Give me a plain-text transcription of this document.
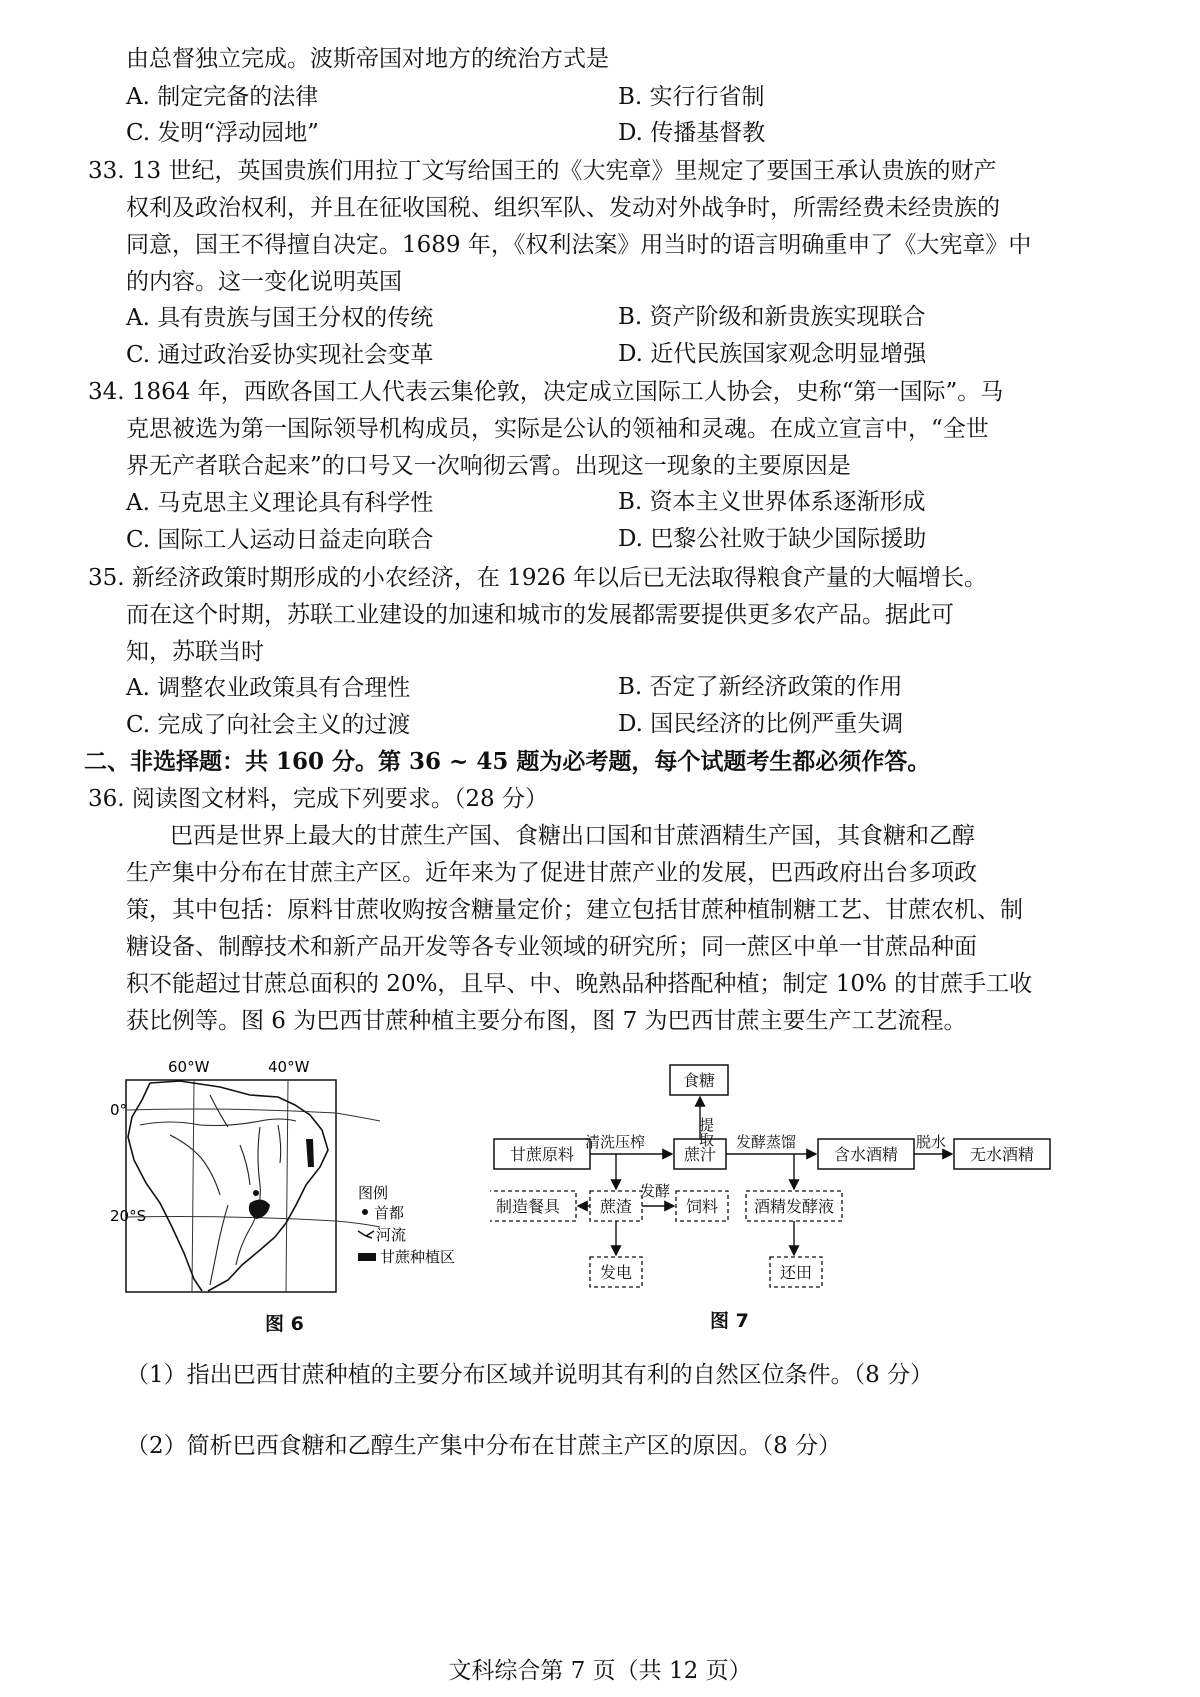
由总督独立完成。波斯帝国对地方的统治方式是
A. 制定完备的法律	B. 实行行省制
C. 发明“浮动园地”	D. 传播基督教
33. 13 世纪，英国贵族们用拉丁文写给国王的《大宪章》里规定了要国王承认贵族的财产
权利及政治权利，并且在征收国税、组织军队、发动对外战争时，所需经费未经贵族的
同意，国王不得擅自决定。1689 年，《权利法案》用当时的语言明确重申了《大宪章》中
的内容。这一变化说明英国
A. 具有贵族与国王分权的传统	B. 资产阶级和新贵族实现联合
C. 通过政治妥协实现社会变革	D. 近代民族国家观念明显增强
34. 1864 年，西欧各国工人代表云集伦敦，决定成立国际工人协会，史称“第一国际”。马
克思被选为第一国际领导机构成员，实际是公认的领袖和灵魂。在成立宣言中，“全世
界无产者联合起来”的口号又一次响彻云霄。出现这一现象的主要原因是
A. 马克思主义理论具有科学性	B. 资本主义世界体系逐渐形成
C. 国际工人运动日益走向联合	D. 巴黎公社败于缺少国际援助
35. 新经济政策时期形成的小农经济，在 1926 年以后已无法取得粮食产量的大幅增长。
而在这个时期，苏联工业建设的加速和城市的发展都需要提供更多农产品。据此可
知，苏联当时
A. 调整农业政策具有合理性	B. 否定了新经济政策的作用
C. 完成了向社会主义的过渡	D. 国民经济的比例严重失调
二、非选择题：共 160 分。第 36 ~ 45 题为必考题，每个试题考生都必须作答。
36. 阅读图文材料，完成下列要求。（28 分）
巴西是世界上最大的甘蔗生产国、食糖出口国和甘蔗酒精生产国，其食糖和乙醇
生产集中分布在甘蔗主产区。近年来为了促进甘蔗产业的发展，巴西政府出台多项政
策，其中包括：原料甘蔗收购按含糖量定价；建立包括甘蔗种植制糖工艺、甘蔗农机、制
糖设备、制醇技术和新产品开发等各专业领域的研究所；同一蔗区中单一甘蔗品种面
积不能超过甘蔗总面积的 20%，且早、中、晚熟品种搭配种植；制定 10% 的甘蔗手工收
获比例等。图 6 为巴西甘蔗种植主要分布图，图 7 为巴西甘蔗主要生产工艺流程。
60°W	40°W
0°
20°S
图例
首都
河流
甘蔗种植区
图 6
食糖
甘蔗原料	蔗汁	含水酒精	无水酒精
制造餐具 蔗渣	饲料 酒精发酵液
发电	还田
清洗压榨	提取 发酵蒸馏	脱水
发酵
图 7
（1）指出巴西甘蔗种植的主要分布区域并说明其有利的自然区位条件。（8 分）
（2）简析巴西食糖和乙醇生产集中分布在甘蔗主产区的原因。（8 分）
文科综合第 7 页（共 12 页）
